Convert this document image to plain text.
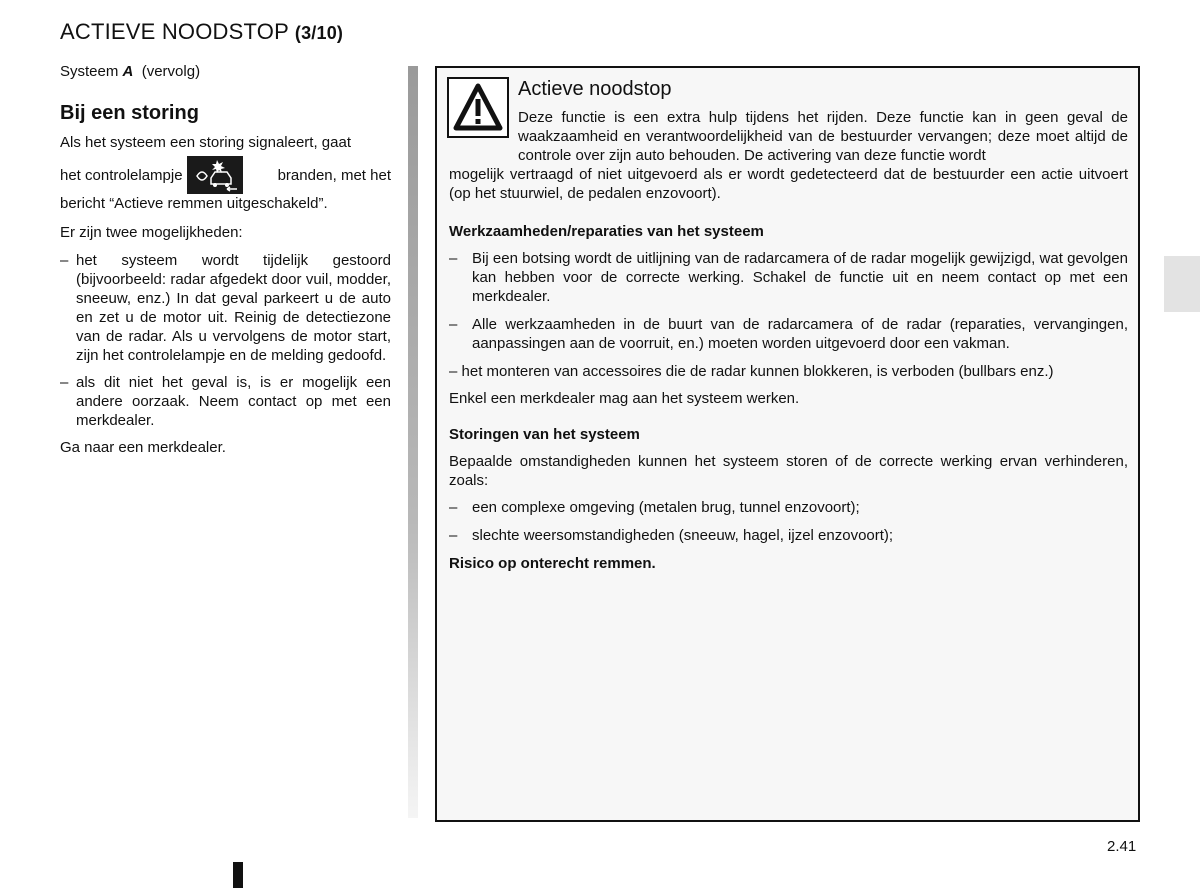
ACTIEVE NOODSTOP (3/10)
Systeem A (vervolg)
Bij een storing

Als het systeem een storing signaleert, gaat

het controlelampje	branden, met het

bericht “Actieve remmen uitgeschakeld”.

Er zijn twee mogelijkheden:

– het systeem wordt tijdelijk gestoord (bijvoorbeeld: radar afgedekt door vuil, modder, sneeuw, enz.) In dat geval parkeert u de auto en zet u de motor uit. Reinig de detectiezone van de radar. Als u vervolgens de motor start, zijn het controlelampje en de melding gedoofd.
– als dit niet het geval is, is er mogelijk een andere oorzaak. Neem contact op met een merkdealer.

Ga naar een merkdealer.

Actieve noodstop

Deze functie is een extra hulp tijdens het rijden. Deze functie kan in geen geval de waakzaamheid en verantwoordelijkheid van de bestuurder vervangen; deze moet altijd de controle over zijn auto behouden. De activering van deze functie wordt
mogelijk vertraagd of niet uitgevoerd als er wordt gedetecteerd dat de bestuurder een actie uitvoert (op het stuurwiel, de pedalen enzovoort).

Werkzaamheden/reparaties van het systeem
– Bij een botsing wordt de uitlijning van de radarcamera of de radar mogelijk gewijzigd, wat gevolgen kan hebben voor de correcte werking. Schakel de functie uit en neem contact op met een merkdealer.
– Alle werkzaamheden in de buurt van de radarcamera of de radar (reparaties, vervangingen, aanpassingen aan de voorruit, en.) moeten worden uitgevoerd door een vakman.

– het monteren van accessoires die de radar kunnen blokkeren, is verboden (bullbars enz.)

Enkel een merkdealer mag aan het systeem werken.

Storingen van het systeem

Bepaalde omstandigheden kunnen het systeem storen of de correcte werking ervan verhinderen, zoals:

– een complexe omgeving (metalen brug, tunnel enzovoort);
– slechte weersomstandigheden (sneeuw, hagel, ijzel enzovoort);

Risico op onterecht remmen.

2.41
